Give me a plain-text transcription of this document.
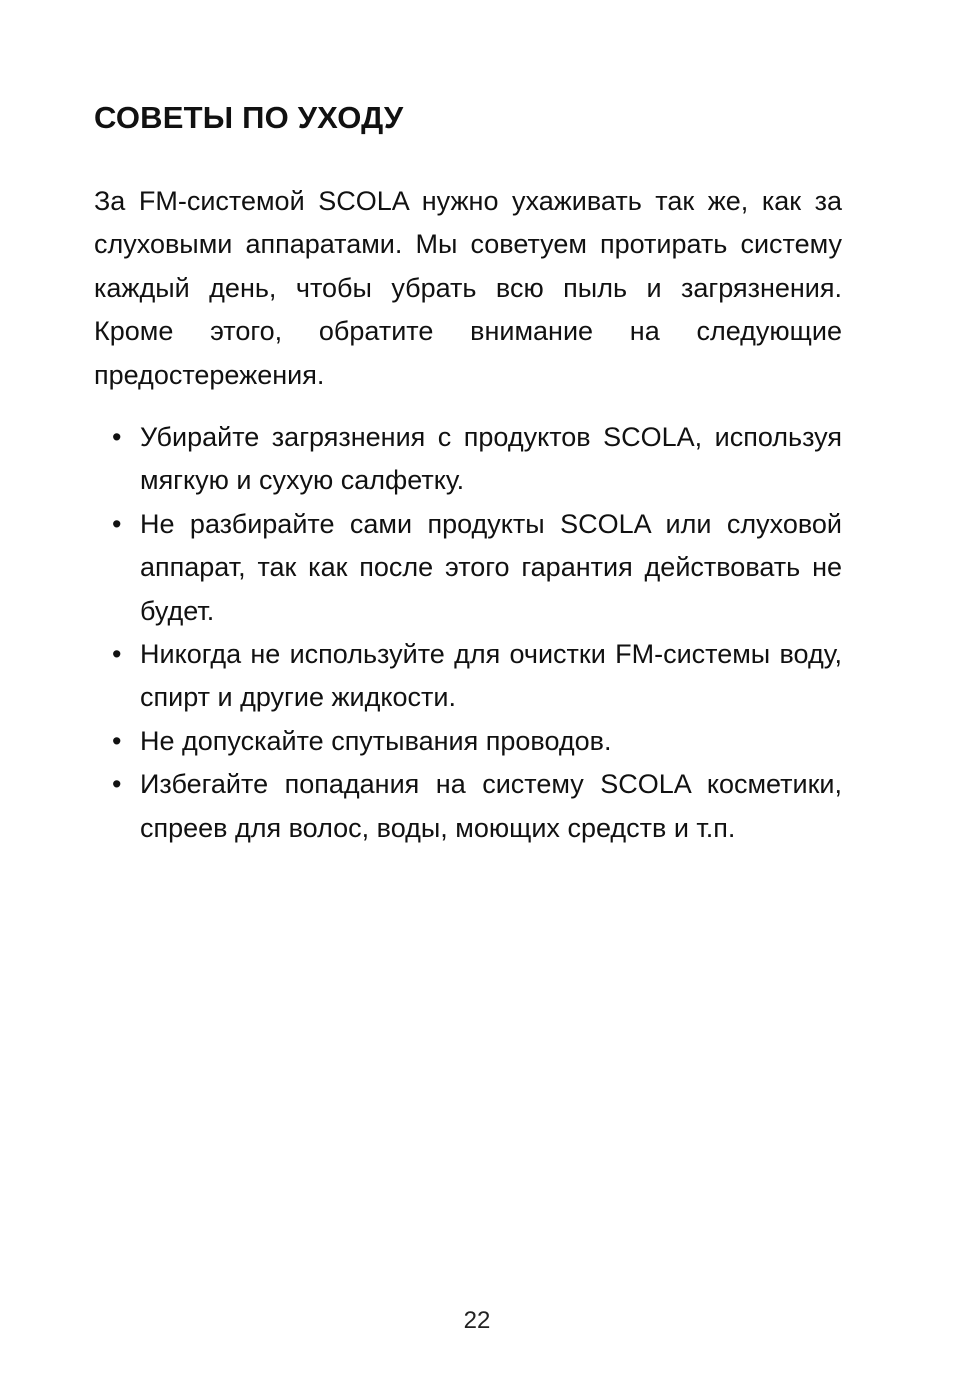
СОВЕТЫ ПО УХОДУ

За FM-системой SCOLA нужно ухаживать так же, как за слуховыми аппаратами. Мы советуем протирать систему каждый день, чтобы убрать всю пыль и загрязнения. Кроме этого, обратите внимание на следующие предостережения.

• Убирайте загрязнения с продуктов SCOLA, используя мягкую и сухую салфетку.
• Не разбирайте сами продукты SCOLA или слуховой аппарат, так как после этого гарантия действовать не будет.
• Никогда не используйте для очистки FM-системы воду, спирт и другие жидкости.
• Не допускайте спутывания проводов.
• Избегайте попадания на систему SCOLA косметики, спреев для волос, воды, моющих средств и т.п.
22
